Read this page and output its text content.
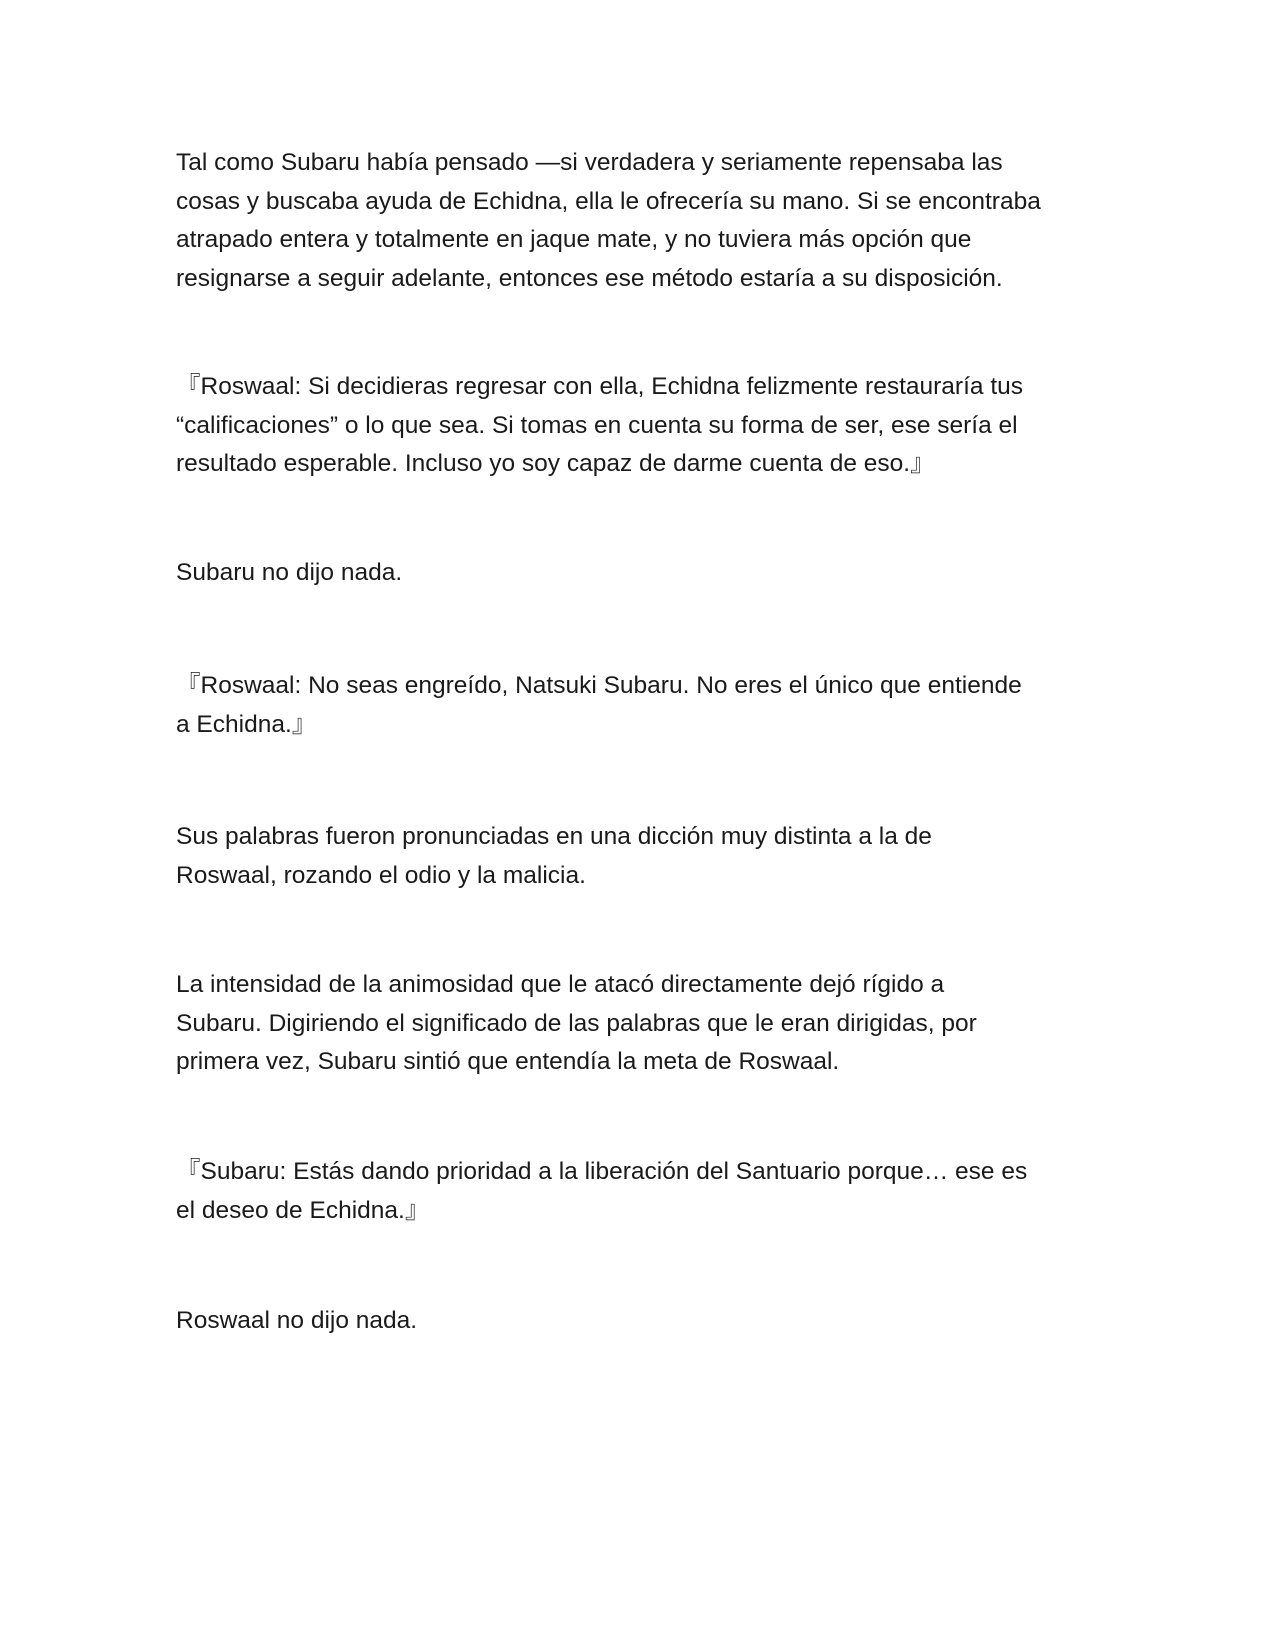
Tal como Subaru había pensado —si verdadera y seriamente repensaba las
cosas y buscaba ayuda de Echidna, ella le ofrecería su mano. Si se encontraba
atrapado entera y totalmente en jaque mate, y no tuviera más opción que
resignarse a seguir adelante, entonces ese método estaría a su disposición.

『Roswaal: Si decidieras regresar con ella, Echidna felizmente restauraría tus
“calificaciones” o lo que sea. Si tomas en cuenta su forma de ser, ese sería el
resultado esperable. Incluso yo soy capaz de darme cuenta de eso.』

Subaru no dijo nada.

『Roswaal: No seas engreído, Natsuki Subaru. No eres el único que entiende
a Echidna.』

Sus palabras fueron pronunciadas en una dicción muy distinta a la de
Roswaal, rozando el odio y la malicia.

La intensidad de la animosidad que le atacó directamente dejó rígido a
Subaru. Digiriendo el significado de las palabras que le eran dirigidas, por
primera vez, Subaru sintió que entendía la meta de Roswaal.

『Subaru: Estás dando prioridad a la liberación del Santuario porque… ese es
el deseo de Echidna.』

Roswaal no dijo nada.
